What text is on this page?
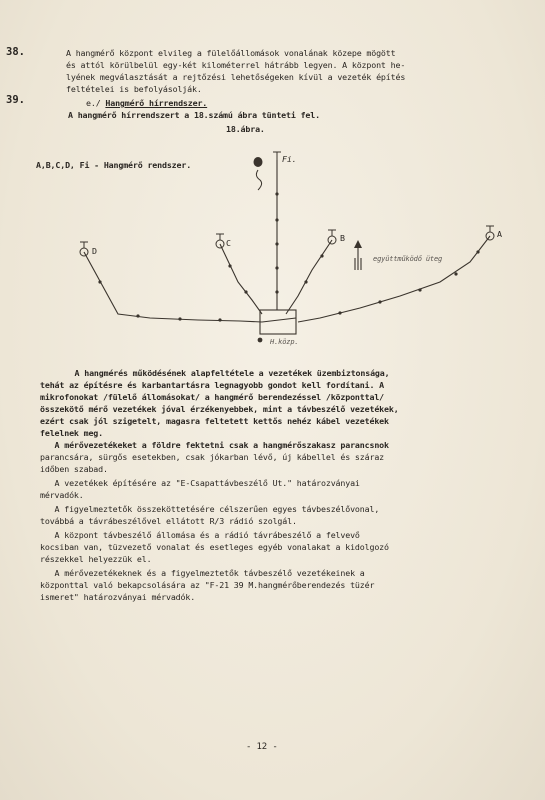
38.	A hangmérő központ elvileg a fülelőállomások vonalának közepe mögött
és attól körülbelül egy-két kilométerrel hátrább legyen. A központ he-
lyének megválasztását a rejtőzési lehetőségeken kívül a vezeték építés
feltételei is befolyásolják.
39.	e./ Hangmérő hírrendszer.
A hangmérő hírrendszert a 18.számú ábra tünteti fel.
18.ábra.
A,B,C,D, Fi - Hangmérő rendszer.
Fi.
A
B
C
D
együttműködő üteg
H.közp.
A hangmérés működésének alapfeltétele a vezetékek üzembiztonsága,
tehát az építésre és karbantartásra legnagyobb gondot kell fordítani. A
mikrofonokat /fülelő állomásokat/ a hangmérő berendezéssel /központtal/
összekötő mérő vezetékek jóval érzékenyebbek, mint a távbeszélő vezetékek,
ezért csak jól szigetelt, magasra feltetett kettős nehéz kábel vezetékek
felelnek meg.
A mérővezetékeket a földre fektetni csak a hangmérőszakasz parancsnok
parancsára, sürgős esetekben, csak jókarban lévő, új kábellel és száraz
időben szabad.
A vezetékek építésére az "E-Csapattávbeszélő Ut." határozványai
mérvadók.
A figyelmeztetők összeköttetésére célszerűen egyes távbeszélővonal,
továbbá a távrábeszélővel ellátott R/3 rádió szolgál.
A központ távbeszélő állomása és a rádió távrábeszélő a felvevő
kocsiban van, tüzvezető vonalat és esetleges egyéb vonalakat a kidolgozó
részekkel helyezzük el.
A mérővezetékeknek és a figyelmeztetők távbeszélő vezetékeinek a
központtal való bekapcsolására az "F-21 39 M.hangmérőberendezés tüzér
ismeret" határozványai mérvadók.
- 12 -
